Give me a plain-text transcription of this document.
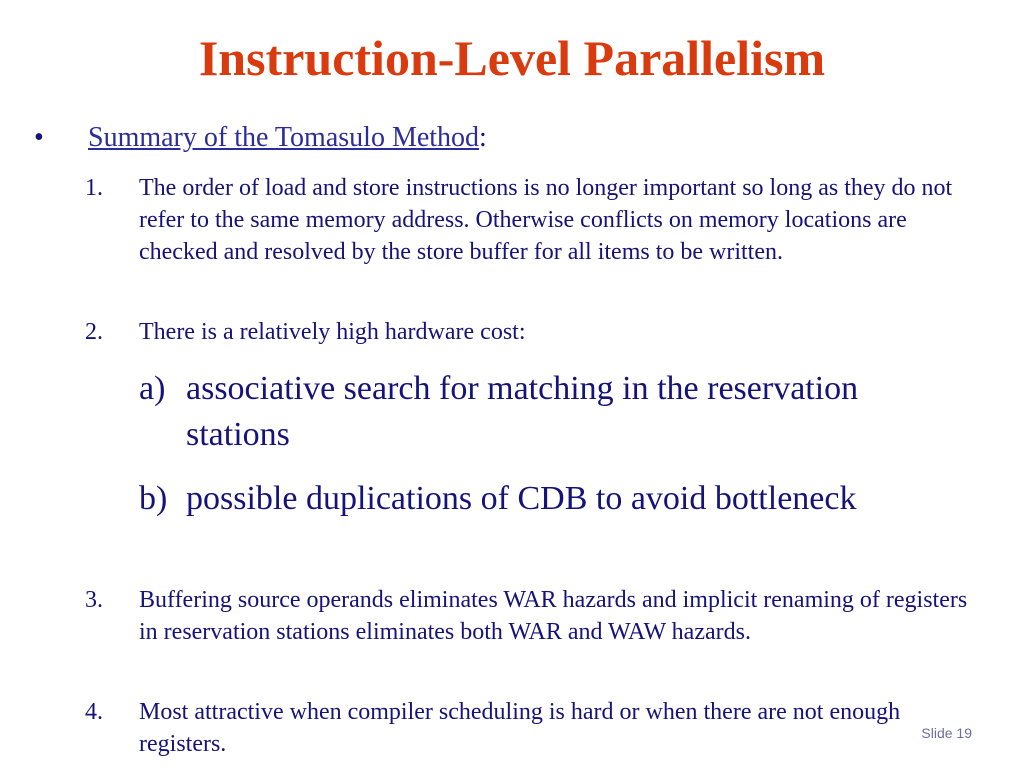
Instruction-Level Parallelism
•	Summary of the Tomasulo Method:
1. The order of load and store instructions is no longer important so long as they do not refer to the same memory address. Otherwise conflicts on memory locations are checked and resolved by the store buffer for all items to be written.
2. There is a relatively high hardware cost:
a) associative search for matching in the reservation stations
b) possible duplications of CDB to avoid bottleneck
3. Buffering source operands eliminates WAR hazards and implicit renaming of registers in reservation stations eliminates both WAR and WAW hazards.
4. Most attractive when compiler scheduling is hard or when there are not enough registers.	Slide 19
